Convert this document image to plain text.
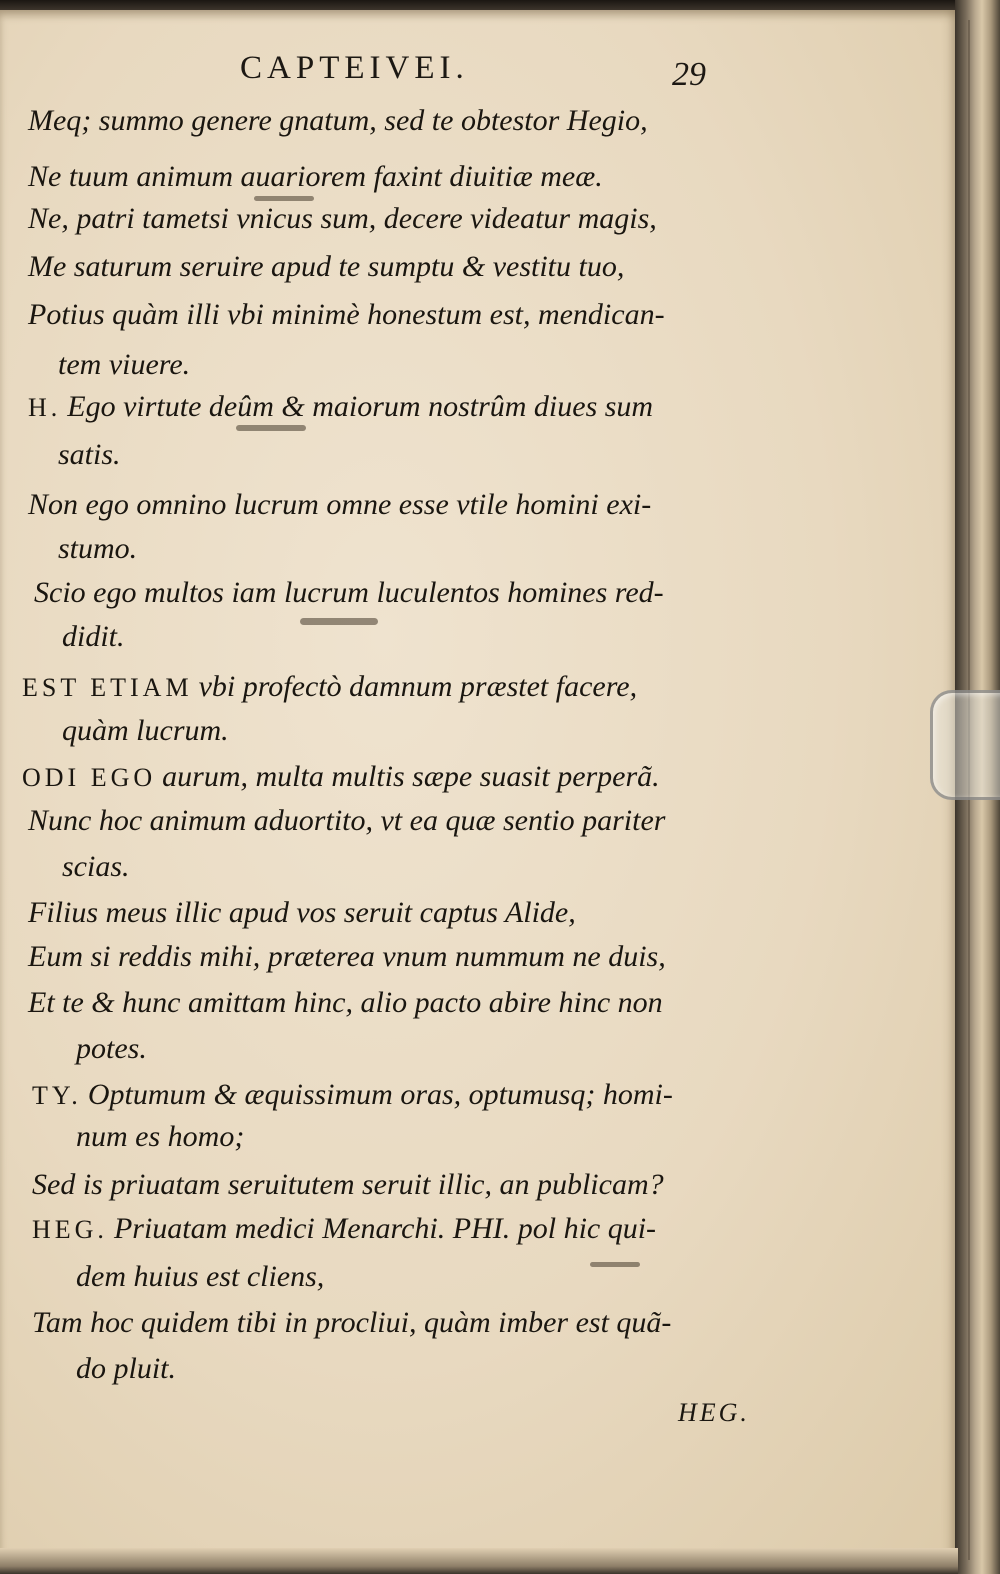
CAPTEIVEI.	29
Meq; summo genere gnatum, sed te obtestor Hegio,
Ne tuum animum auariorem faxint diuitiæ meæ.
Ne, patri tametsi vnicus sum, decere videatur magis,
Me saturum seruire apud te sumptu & vestitu tuo,
Potius quàm illi vbi minimè honestum est, mendican-
tem viuere.
H. Ego virtute deûm & maiorum nostrûm diues sum
satis.
Non ego omnino lucrum omne esse vtile homini exi-
stumo.
Scio ego multos iam lucrum luculentos homines red-
didit.
EST ETIAM vbi profectò damnum præstet facere,
quàm lucrum.
ODI EGO aurum, multa multis sæpe suasit perperã.
Nunc hoc animum aduortito, vt ea quæ sentio pariter
scias.
Filius meus illic apud vos seruit captus Alide,
Eum si reddis mihi, præterea vnum nummum ne duis,
Et te & hunc amittam hinc, alio pacto abire hinc non
potes.
TY. Optumum & æquissimum oras, optumusq; homi-
num es homo;
Sed is priuatam seruitutem seruit illic, an publicam?
HEG. Priuatam medici Menarchi. PHI. pol hic qui-
dem huius est cliens,
Tam hoc quidem tibi in procliui, quàm imber est quã-
do pluit.
HEG.
